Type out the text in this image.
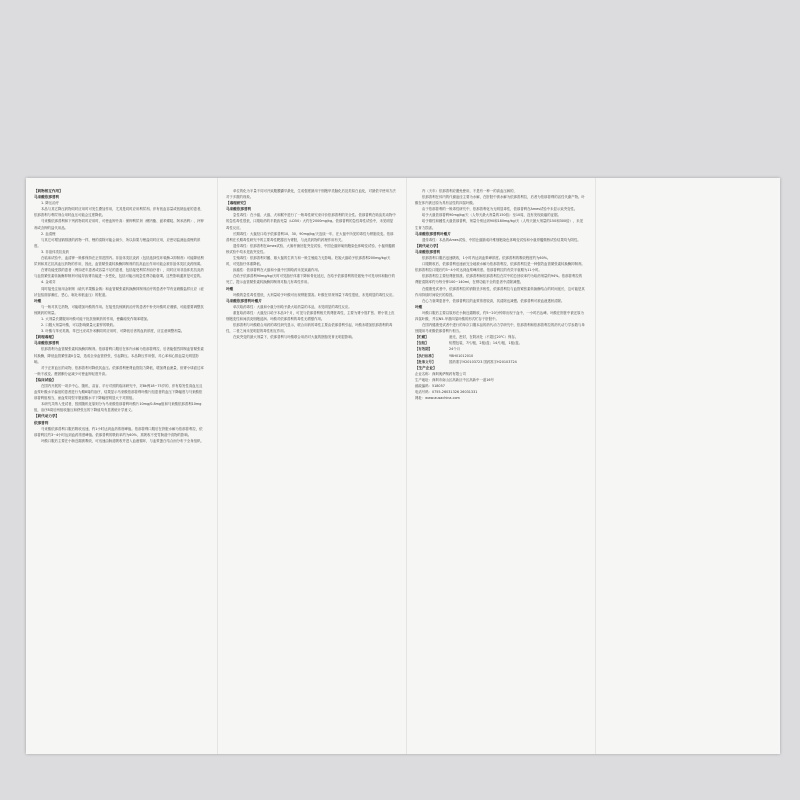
【药物相互作用】
马来酸依那普利
1. 降压治疗
本品与其它降压药物同时应用时可发生叠加作用，尤其是同时应用利尿剂。伴有低血容量或低钠血症的患者，依那普利与利尿剂合用时血压可能会过度降低。
马来酸依那普利和下列药物同时应用时，可使血钾升高：保钾利尿剂（螺内酯、氨苯蝶啶、阿米洛利）、补钾剂或含钾的盐代用品。
2. 血清锂
与其它可增加钠排泄的药物一样，锂的清除可能会减少，所以如果与锂盐同时应用，应密切监测血清锂的浓度。
3. 非甾体类抗炎药
在临床试验中，血清钾一般都保持在正常范围内。非甾体类抗炎药（包括选择性环氧酶-2抑制剂）可能降低利尿剂和其它抗高血压药物的作用，因此，血管紧张素转换酶抑制剂的抗高血压作用可能会被非甾体类抗炎药削弱。
在肾功能受损的患者（例如老年患者或容量不足的患者，包括接受利尿剂治疗者），同时应用非甾体类抗炎药与血管紧张素转换酶抑制剂可能导致肾功能进一步恶化，包括可能出现急性肾功能衰竭。这些影响通常是可逆的。
4. 金诺芬
同时接受注射用金制剂（硫代苹果酸金钠）和血管紧张素转换酶抑制剂治疗的患者中罕有亚硝酸盐样反应（症状包括面部潮红、恶心、呕吐和低血压）的报道。
叶酸
与一般对其它药物，可能增加叶酸的作用。在接受抗惊厥药治疗的患者中补充叶酸时应谨慎，可能需要调整抗惊厥药的剂量。
1. 大剂量长期服用叶酸可能干扰抗惊厥药的作用，使癫痫发作频率增加。
2. 口服大剂量叶酸，可以影响微量元素锌的吸收。
3. 叶酸与苯妥英钠、苯巴比妥或扑米酮同时应用时，可降低后者的血药浓度，应注意调整剂量。
【药理毒理】
马来酸依那普利
依那普利为血管紧张素转换酶抑制剂。依那普利口服后在体内水解为依那普利拉，后者能强烈抑制血管紧张素转换酶，降低血管紧张素II含量，造成全身血管舒张，引起降压。本品降压作用强，对心率和心排血量无明显影响。
对于正常血压的动物，依那普利可降低其血压。依那普利使肾血管阻力降低，增加肾血流量，但肾小球滤过率一般不改变。醛固酮分泌减少可使血钾轻度升高。
【临床试验】
在国内开展的一项多中心、随机、双盲、平行对照的临床研究中，对8k例18~75岁的、伴有原发性高血压且血浆叶酸水平偏低的患者进行为期8周的治疗，结果显示马来酸依那普利叶酸片组患者的血压下降幅度与马来酸依那普利组相当，而血浆同型半胱氨酸水平下降幅度明显大于对照组。
本研究共纳入受试者，按照随机化原则分为马来酸依那普利叶酸片10mg/0.8mg组和马来酸依那普利10mg组，治疗8周后两组收缩压和舒张压的下降值均有显著统计学意义。
【药代动力学】
依那普利
马来酸依那普利口服后吸收迅速，约1小时达到血药浓度峰值。依那普利口服后在肝脏水解为依那普利拉，依那普利拉约3~4小时达到血药浓度峰值。依那普利的吸收率约为60%，其吸收不受胃肠道中食物的影响。
叶酸口服后主要在小肠近端被吸收，可迅速由肠道吸收并进入血液循环，与血浆蛋白结合而分布于全身组织。
单位的化为半量不同可开致腹膜囊早最化，生成强度最用于细胞甲类脑化后及类似白血化，对最依平使用方法对于多数的现象。
【毒理研究】
马来酸依那普利
急性毒性：在小鼠、大鼠、犬和猴中进行了一般毒性研究来评价依那普利的安全性。依那普利在啮齿类动物中的急性毒性很低，口服给药的半数致死量（LD50）大约在2000mg/kg。依那普利的急性毒性试验中，未见明显毒性反应。
长期毒性：大鼠经口给予依那普利10、30、90mg/kg/天连续一年，在大鼠中所见的毒性为肾脏改变。依那普利在长期毒性研究中的主要毒性靶器官为肾脏，与此类药物的药理作用有关。
遗传毒性：依那普利在Ames试验、大肠杆菌回复突变试验、中国仓鼠卵巢细胞染色体畸变试验、小鼠骨髓微核试验中均未见致突变性。
生殖毒性：依那普利对雌、雄大鼠的生育力和一般生殖能力无影响。妊娠大鼠给予依那普利200mg/kg/天时，可见胎仔体重降低。
致癌性：依那普利在大鼠和小鼠中长期给药未见致癌作用。
在给予依那普利90mg/kg/天时可见胎仔体重下降和骨化延迟，在给予依那普利的妊娠兔中可见母体和胎仔的死亡，提示血管紧张素转换酶抑制剂对胎儿有毒性作用。
叶酸
叶酸的急性毒性很低，大剂量给予叶酸可出现肾脏损害。叶酸在常规剂量下毒性很低，未见明显的毒性反应。
马来酸依那普利叶酸片
单次给药毒性：大鼠和小鼠分别给予最大给药量的本品，未见明显的毒性反应。
重复给药毒性：大鼠经口给予本品3个月，可见与依那普利相关的肾脏毒性，主要为肾小管扩张、肾小管上皮细胞变性和间质炎细胞浸润。叶酸对依那普利的毒性无增强作用。
依那普利与叶酸联合用药的毒性研究显示，联合用药的毒性主要由依那普利引起，叶酸未增加依那普利的毒性，二者之间未见明显的毒性相互作用。
在致突变的最大剂量下，依那普利与叶酸联合用药对大鼠的胚胎发育无明显影响。
内（天年）依那普利应避免使用，不是有一种一的高血压病的，
依那普利在体内的代谢途径主要为水解，在肝脏中被水解为依那普利拉，后者为依那普利的活性代谢产物。叶酸在体内被还原为具有活性的四氢叶酸。
由于依那普利的一般毒性研究中，依那普利化为无明显毒性，依那普利在Ames试验中未显示致突变性。
给予大鼠依那普利90mg/kg/天（人每天最大剂量的150倍）至10周，没有发现致癌的证据。
给予雄性和雌性大鼠依那普利，剂量分别达到90和180mg/kg/天（人每天最大剂量的150和300倍），未见生育力损害。
马来酸依那普利叶酸片
遗传毒性：本品的Ames试验、中国仓鼠肺成纤维细胞染色体畸变试验和小鼠骨髓微核试验结果均为阴性。
【药代动力学】
马来酸依那普利
依那普利口服后迅速吸收，1小时内达到血浆峰浓度。依那普利的吸收程度约为60%。
口服吸收后，依那普利迅速而完全地被水解为依那普利拉，依那普利拉是一种强效血管紧张素转换酶抑制剂。依那普利拉口服后约3~4小时达到血浆峰浓度。依那普利拉的有效半衰期为11小时。
依那普利拉主要经肾脏排泄。依那普利和依那普利拉在尿中的总回收率约为给药剂量的94%。依那普利拉的肾脏清除率约为每分钟100~140ml，在肾功能不全的患者中清除减慢。
在健康受试者中，依那普利拉的消除呈多相性，依那普利拉与血管紧张素转换酶结合的时间延长，这可能是其作用持续时间较长的原因。
在心力衰竭患者中，依那普利拉的血浆浓度较高，其清除也减慢。依那普利可被血液透析清除。
叶酸
叶酸口服后主要以原形在小肠近端吸收，约5~20分钟即出现于血中，一小时后达峰。叶酸在肝脏中被还原为四氢叶酸，并以N5-甲基四氢叶酸的形式贮存于肝脏中。
在国内健康受试者中进行的单次口服本品的药代动力学研究中，依那普利和依那普利拉的药代动力学参数与单独服用马来酸依那普利片相当。
【贮藏】	遮光，密封，在阴凉处（不超过20℃）保存。
【包装】	铝塑包装，7片/板，2板/盒；14片/板，1板/盒。
【有效期】	24个月
【执行标准】	YBH01012010
【批准文号】	国药准字H20103723 国药准字H20103724
【生产企业】
企业名称：深圳奥萨制药有限公司
生产地址：深圳市南山区高新区中区高新中一道16号
邮政编码：518057
电话号码：0755-26031326 26031331
网址：www.ausachina.com
